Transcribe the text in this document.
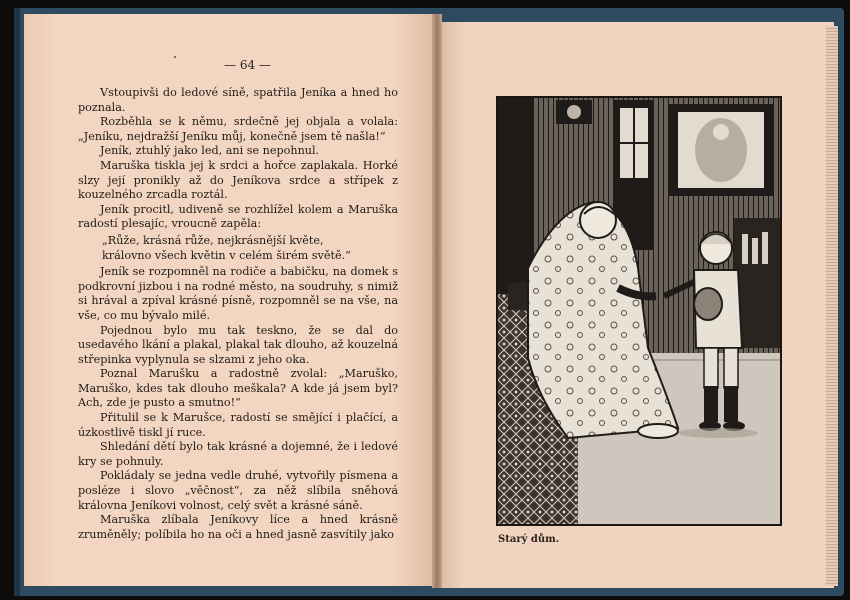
— 64 —

Vstoupivši do ledové síně, spatřila Jeníka a hned ho poznala.

Rozběhla se k němu, srdečně jej objala a volala: „Jeníku, nejdražší Jeníku můj, konečně jsem tě našla!“

Jeník, ztuhlý jako led, ani se nepohnul.

Maruška tiskla jej k srdci a hořce zaplakala. Horké slzy její pronikly až do Jeníkova srdce a střípek z kouzelného zrcadla roztál.

Jeník procitl, udiveně se rozhlížel kolem a Maruška radostí plesajíc, vroucně zapěla:

„Růže, krásná růže, nejkrásnější květe,
královno všech květin v celém širém světě.“

Jeník se rozpomněl na rodiče a babičku, na domek s podkrovní jizbou i na rodné město, na soudruhy, s nimiž si hrával a zpíval krásné písně, rozpomněl se na vše, na vše, co mu bývalo milé.

Pojednou bylo mu tak teskno, že se dal do usedavého lkání a plakal, plakal tak dlouho, až kouzelná střepinka vyplynula se slzami z jeho oka.

Poznal Marušku a radostně zvolal: „Maruško, Maruško, kdes tak dlouho meškala? A kde já jsem byl? Ach, zde je pusto a smutno!“

Přitulil se k Marušce, radostí se smějící i plačící, a úzkostlivě tiskl jí ruce.

Shledání dětí bylo tak krásné a dojemné, že i ledové kry se pohnuly.

Pokládaly se jedna vedle druhé, vytvořily písmena a posléze i slovo „věčnost“, za něž slíbila sněhová královna Jeníkovi volnost, celý svět a krásné sáně.

Maruška zlíbala Jeníkovy líce a hned krásně zruměněly; políbila ho na oči a hned jasně zasvítily jako	Starý dům.
